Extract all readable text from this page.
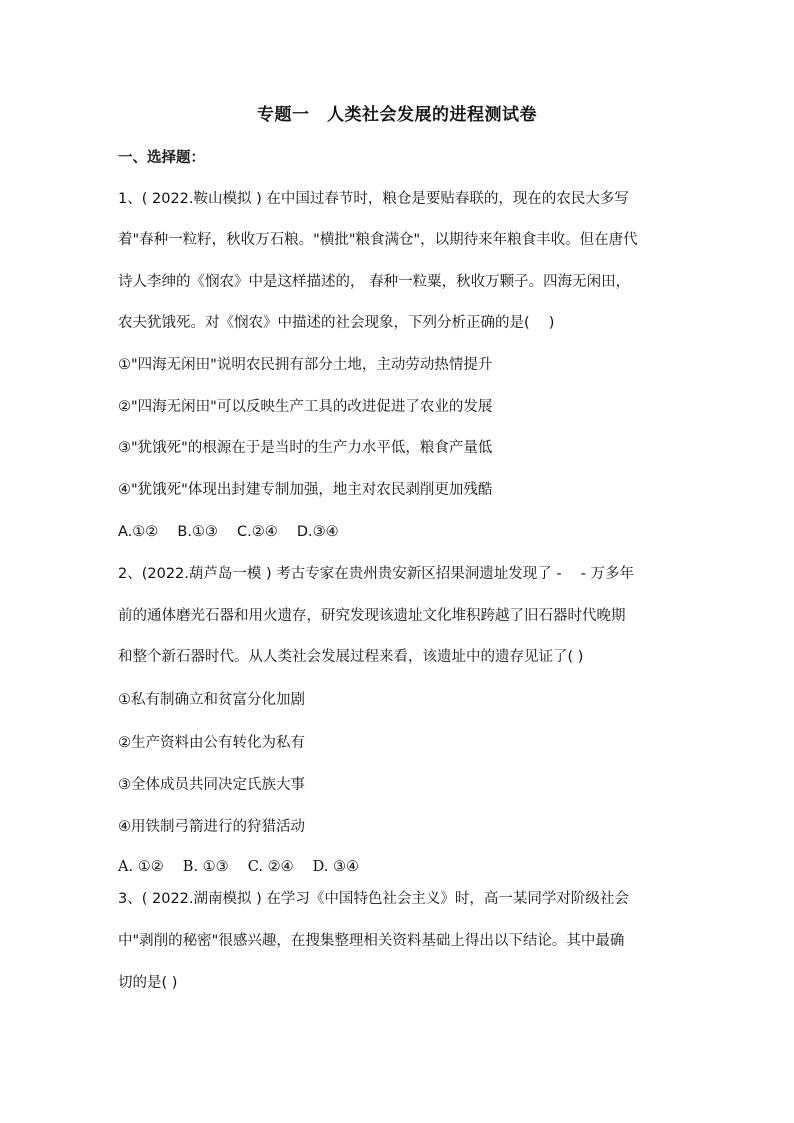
专题一　人类社会发展的进程测试卷
一、选择题：
1、( 2022.鞍山模拟 ) 在中国过春节时，粮仓是要贴春联的，现在的农民大多写
着"春种一粒籽，秋收万石粮。"横批"粮食满仓"，以期待来年粮食丰收。但在唐代
诗人李绅的《悯农》中是这样描述的， 春种一粒粟，秋收万颗子。四海无闲田，
农夫犹饿死。对《悯农》中描述的社会现象，下列分析正确的是(　 )
①"四海无闲田"说明农民拥有部分土地，主动劳动热情提升
②"四海无闲田"可以反映生产工具的改进促进了农业的发展
③"犹饿死"的根源在于是当时的生产力水平低，粮食产量低
④"犹饿死"体现出封建专制加强，地主对农民剥削更加残酷
A.①②　 B.①③　 C.②④　 D.③④
2、(2022.葫芦岛一模 ) 考古专家在贵州贵安新区招果洞遗址发现了 -　 - 万多年
前的通体磨光石器和用火遗存，研究发现该遗址文化堆积跨越了旧石器时代晚期
和整个新石器时代。从人类社会发展过程来看，该遗址中的遗存见证了( )
①私有制确立和贫富分化加剧
②生产资料由公有转化为私有
③全体成员共同决定氏族大事
④用铁制弓箭进行的狩猎活动
A. ①②　 B. ①③　 C. ②④　 D. ③④
3、( 2022.湖南模拟 ) 在学习《中国特色社会主义》时，高一某同学对阶级社会
中"剥削的秘密"很感兴趣，在搜集整理相关资料基础上得出以下结论。其中最确
切的是( )
